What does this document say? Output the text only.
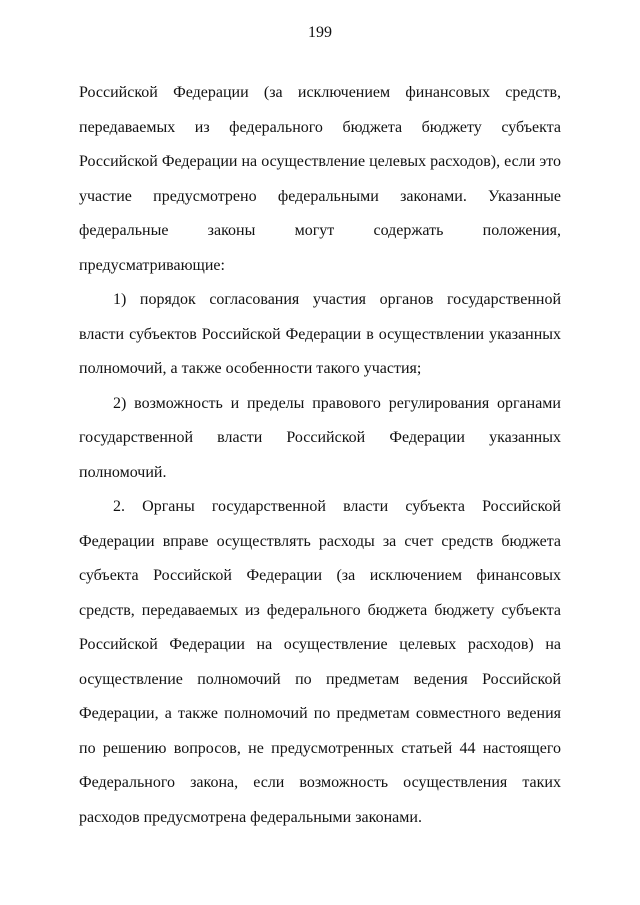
199

Российской Федерации (за исключением финансовых средств, передаваемых из федерального бюджета бюджету субъекта Российской Федерации на осуществление целевых расходов), если это участие предусмотрено федеральными законами. Указанные федеральные законы могут содержать положения, предусматривающие:

1) порядок согласования участия органов государственной власти субъектов Российской Федерации в осуществлении указанных полномочий, а также особенности такого участия;

2) возможность и пределы правового регулирования органами государственной власти Российской Федерации указанных полномочий.

2. Органы государственной власти субъекта Российской Федерации вправе осуществлять расходы за счет средств бюджета субъекта Российской Федерации (за исключением финансовых средств, передаваемых из федерального бюджета бюджету субъекта Российской Федерации на осуществление целевых расходов) на осуществление полномочий по предметам ведения Российской Федерации, а также полномочий по предметам совместного ведения по решению вопросов, не предусмотренных статьей 44 настоящего Федерального закона, если возможность осуществления таких расходов предусмотрена федеральными законами.
